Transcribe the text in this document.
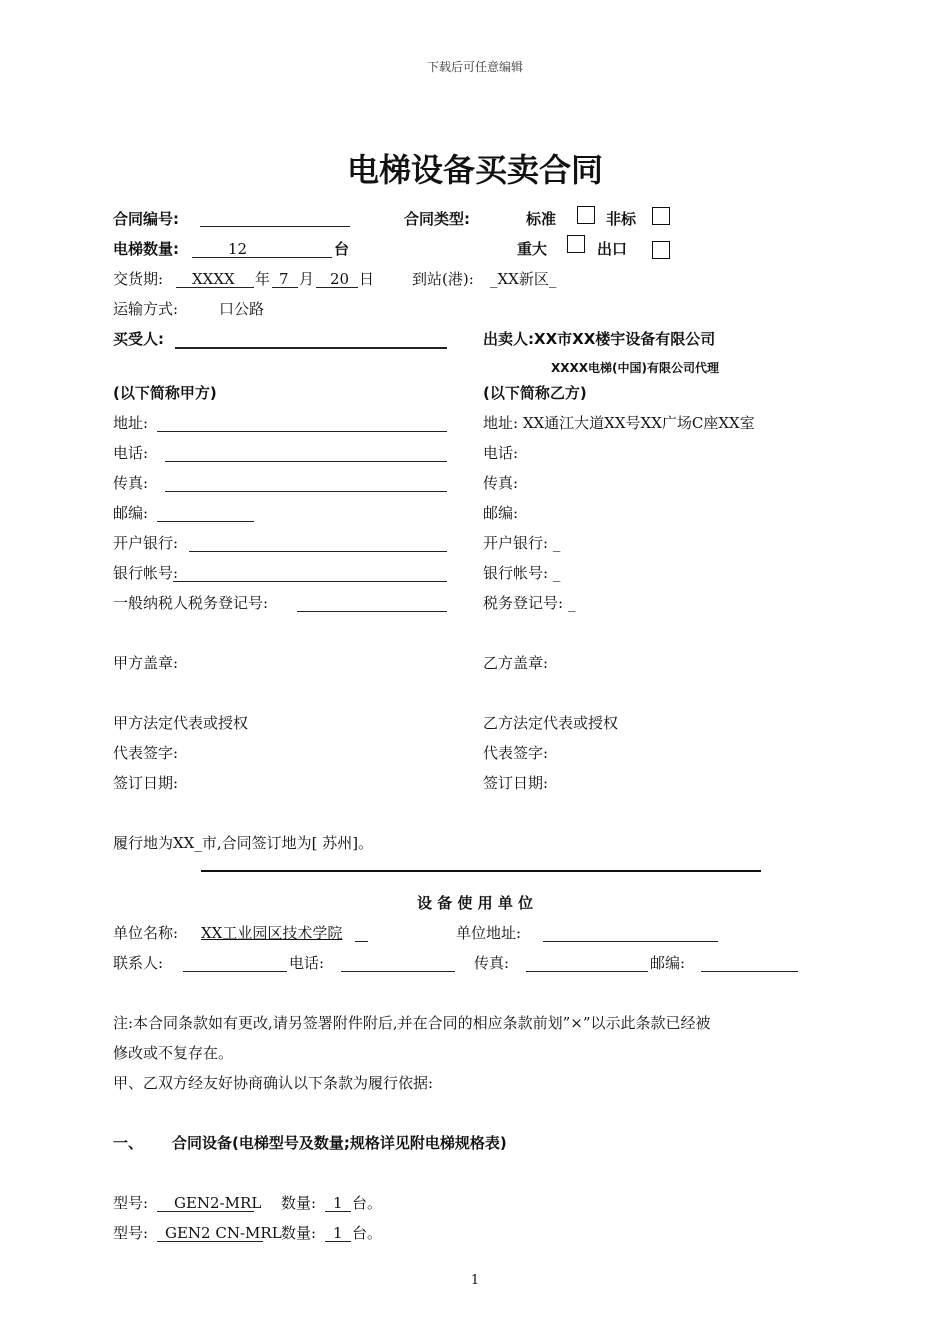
下载后可任意编辑
电梯设备买卖合同
合同编号:	合同类型:	标准	非标
电梯数量:	12	台	重大	出口
交货期: XXXX 年 7 月 20 日	到站(港): _XX新区_
运输方式:	口公路
买受人:	出卖人:XX市XX楼宇设备有限公司
XXXX电梯(中国)有限公司代理
(以下简称甲方)	(以下简称乙方)
地址:	地址: XX通江大道XX号XX广场C座XX室
电话:	电话:
传真:	传真:
邮编:	邮编:
开户银行:	开户银行: _
银行帐号:	银行帐号: _
一般纳税人税务登记号:	税务登记号: _
甲方盖章:	乙方盖章:
甲方法定代表或授权	乙方法定代表或授权
代表签字:	代表签字:
签订日期:	签订日期:
履行地为XX_市,合同签订地为[ 苏州]。
设 备 使 用 单 位
单位名称: XX工业园区技术学院	单位地址:
联系人:	电话:	传真:	邮编:
注:本合同条款如有更改,请另签署附件附后,并在合同的相应条款前划”×”以示此条款已经被
修改或不复存在。
甲、乙双方经友好协商确认以下条款为履行依据:
一、 合同设备(电梯型号及数量;规格详见附电梯规格表)
型号: GEN2-MRL 数量: 1 台。
型号: GEN2 CN-MRL 数量: 1 台。
1
